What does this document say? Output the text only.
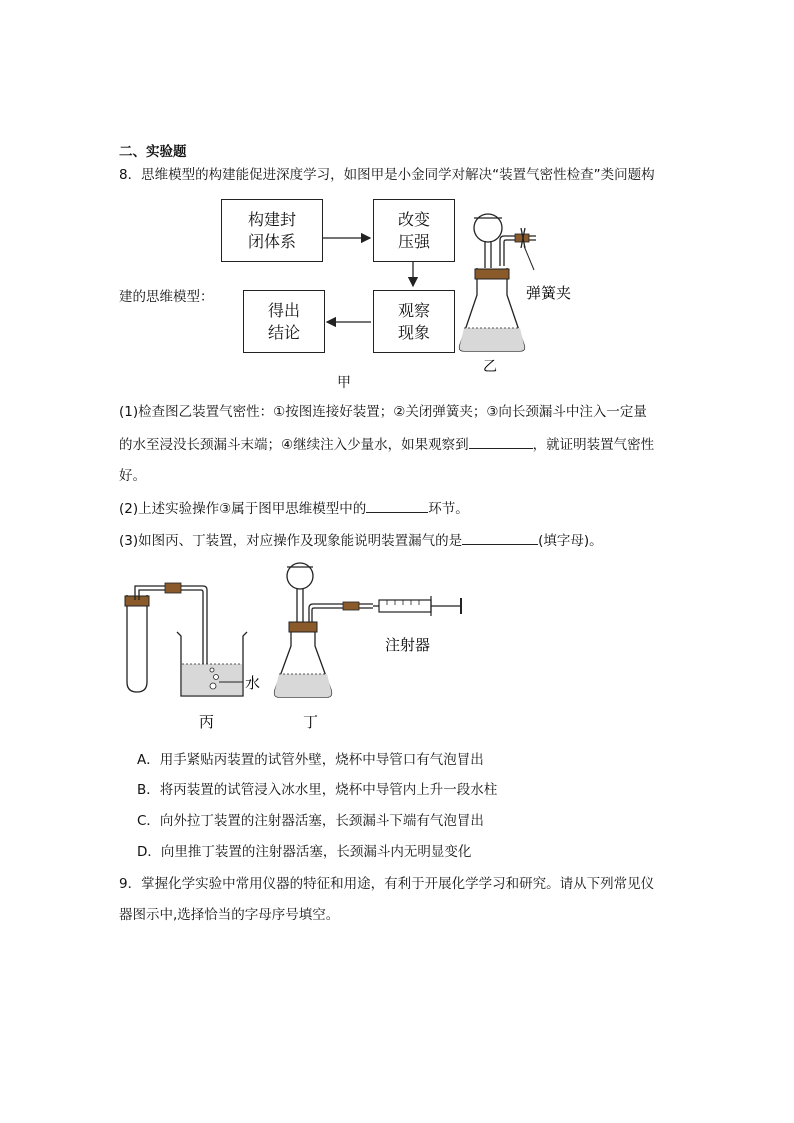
二、实验题
8．思维模型的构建能促进深度学习，如图甲是小金同学对解决“装置气密性检查”类问题构
构建封
闭体系
改变
压强
观察
现象
得出
结论
甲
建的思维模型：	弹簧夹
乙
(1)检查图乙装置气密性：①按图连接好装置；②关闭弹簧夹；③向长颈漏斗中注入一定量
的水至浸没长颈漏斗末端；④继续注入少量水，如果观察到	，就证明装置气密性
好。
(2)上述实验操作③属于图甲思维模型中的	环节。
(3)如图丙、丁装置，对应操作及现象能说明装置漏气的是	(填字母)。
水
丙
注射器
丁
A．用手紧贴丙装置的试管外壁，烧杯中导管口有气泡冒出
B．将丙装置的试管浸入冰水里，烧杯中导管内上升一段水柱
C．向外拉丁装置的注射器活塞，长颈漏斗下端有气泡冒出
D．向里推丁装置的注射器活塞，长颈漏斗内无明显变化
9．掌握化学实验中常用仪器的特征和用途，有利于开展化学学习和研究。请从下列常见仪
器图示中,选择恰当的字母序号填空。
